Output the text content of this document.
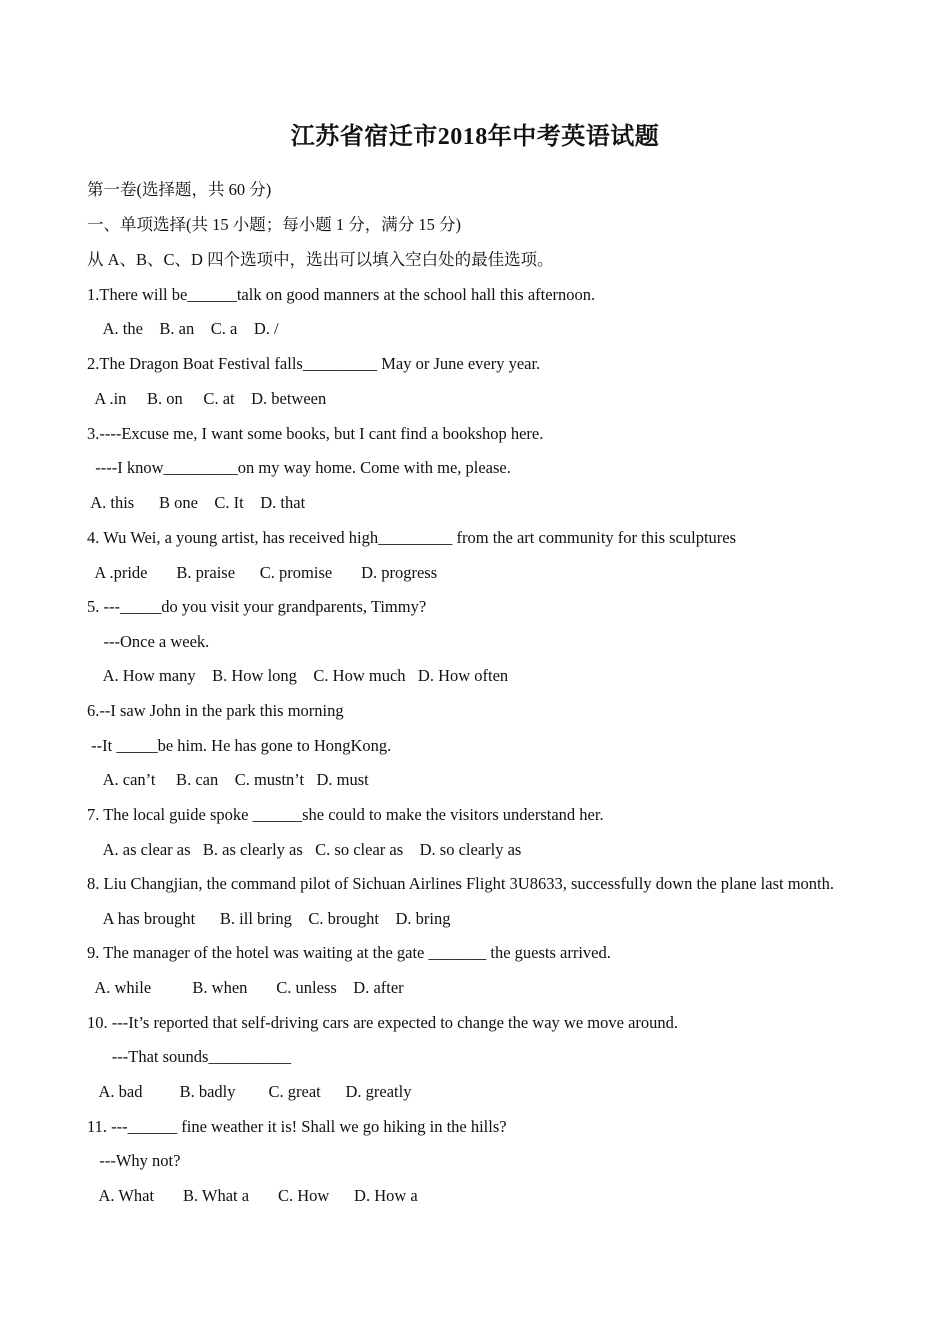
江苏省宿迁市2018年中考英语试题
第一卷(选择题，共 60 分)
一、单项选择(共 15 小题；每小题 1 分，满分 15 分)
从 A、B、C、D 四个选项中，选出可以填入空白处的最佳选项。
1.There will be______talk on good manners at the school hall this afternoon.
A. the    B. an    C. a    D. /
2.The Dragon Boat Festival falls_________ May or June every year.
A .in     B. on     C. at    D. between
3.----Excuse me, I want some books, but I cant find a bookshop here.
----I know_________on my way home. Come with me, please.
A. this      B one    C. It    D. that
4. Wu Wei, a young artist, has received high_________ from the art community for this sculptures
A .pride       B. praise      C. promise       D. progress
5. ---_____do you visit your grandparents, Timmy?
---Once a week.
A. How many    B. How long    C. How much   D. How often
6.--I saw John in the park this morning
--It _____be him. He has gone to HongKong.
A. can’t     B. can    C. mustn’t   D. must
7. The local guide spoke ______she could to make the visitors understand her.
A. as clear as   B. as clearly as   C. so clear as    D. so clearly as
8. Liu Changjian, the command pilot of Sichuan Airlines Flight 3U8633, successfully down the plane last month.
A has brought      B. ill bring    C. brought    D. bring
9. The manager of the hotel was waiting at the gate _______ the guests arrived.
A. while          B. when       C. unless    D. after
10. ---It’s reported that self-driving cars are expected to change the way we move around.
---That sounds__________
A. bad         B. badly        C. great      D. greatly
11. ---______ fine weather it is! Shall we go hiking in the hills?
---Why not?
A. What       B. What a       C. How      D. How a
